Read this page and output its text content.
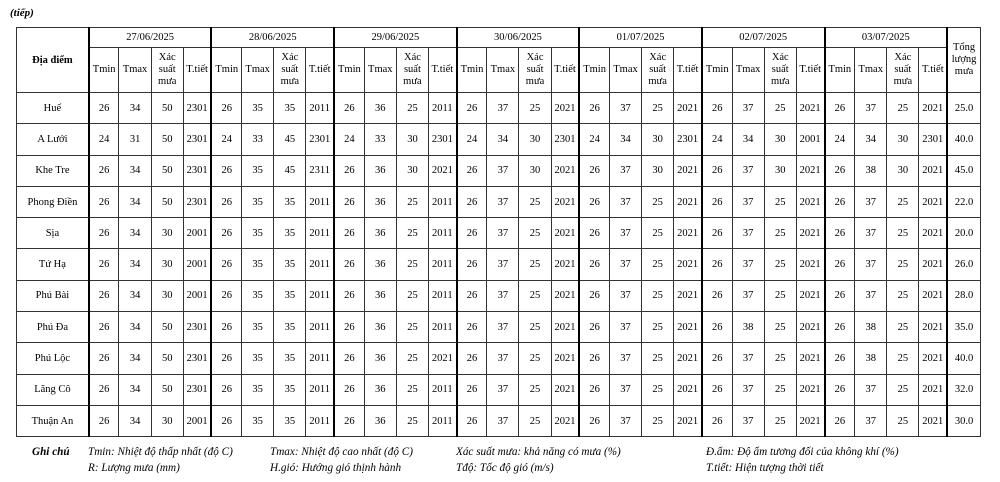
(tiếp)
Địa điểm	27/06/2025				28/06/2025				29/06/2025				30/06/2025				01/07/2025				02/07/2025				03/07/2025				Tổng lượng mưa
	Tmin	Tmax	Xác suất mưa	T.tiết	Tmin	Tmax	Xác suất mưa	T.tiết	Tmin	Tmax	Xác suất mưa	T.tiết	Tmin	Tmax	Xác suất mưa	T.tiết	Tmin	Tmax	Xác suất mưa	T.tiết	Tmin	Tmax	Xác suất mưa	T.tiết	Tmin	Tmax	Xác suất mưa	T.tiết	
Huế	26	34	50	2301	26	35	35	2011	26	36	25	2011	26	37	25	2021	26	37	25	2021	26	37	25	2021	26	37	25	2021	25.0
A Lưới	24	31	50	2301	24	33	45	2301	24	33	30	2301	24	34	30	2301	24	34	30	2301	24	34	30	2001	24	34	30	2301	40.0
Khe Tre	26	34	50	2301	26	35	45	2311	26	36	30	2021	26	37	30	2021	26	37	30	2021	26	37	30	2021	26	38	30	2021	45.0
Phong Điền	26	34	50	2301	26	35	35	2011	26	36	25	2011	26	37	25	2021	26	37	25	2021	26	37	25	2021	26	37	25	2021	22.0
Sịa	26	34	30	2001	26	35	35	2011	26	36	25	2011	26	37	25	2021	26	37	25	2021	26	37	25	2021	26	37	25	2021	20.0
Tứ Hạ	26	34	30	2001	26	35	35	2011	26	36	25	2011	26	37	25	2021	26	37	25	2021	26	37	25	2021	26	37	25	2021	26.0
Phú Bài	26	34	30	2001	26	35	35	2011	26	36	25	2011	26	37	25	2021	26	37	25	2021	26	37	25	2021	26	37	25	2021	28.0
Phú Đa	26	34	50	2301	26	35	35	2011	26	36	25	2011	26	37	25	2021	26	37	25	2021	26	38	25	2021	26	38	25	2021	35.0
Phú Lộc	26	34	50	2301	26	35	35	2011	26	36	25	2021	26	37	25	2021	26	37	25	2021	26	37	25	2021	26	38	25	2021	40.0
Lăng Cô	26	34	50	2301	26	35	35	2011	26	36	25	2011	26	37	25	2021	26	37	25	2021	26	37	25	2021	26	37	25	2021	32.0
Thuận An	26	34	30	2001	26	35	35	2011	26	36	25	2011	26	37	25	2021	26	37	25	2021	26	37	25	2021	26	37	25	2021	30.0
Ghi chú Tmin: Nhiệt độ thấp nhất (độ C)	Tmax: Nhiệt độ cao nhất (độ C)	Xác suất mưa: khả năng có mưa (%)	Đ.ẩm: Độ ẩm tương đối của không khí (%)
R: Lượng mưa (mm)	H.gió: Hướng gió thịnh hành	Tđộ: Tốc độ gió (m/s)	T.tiết: Hiện tượng thời tiết
